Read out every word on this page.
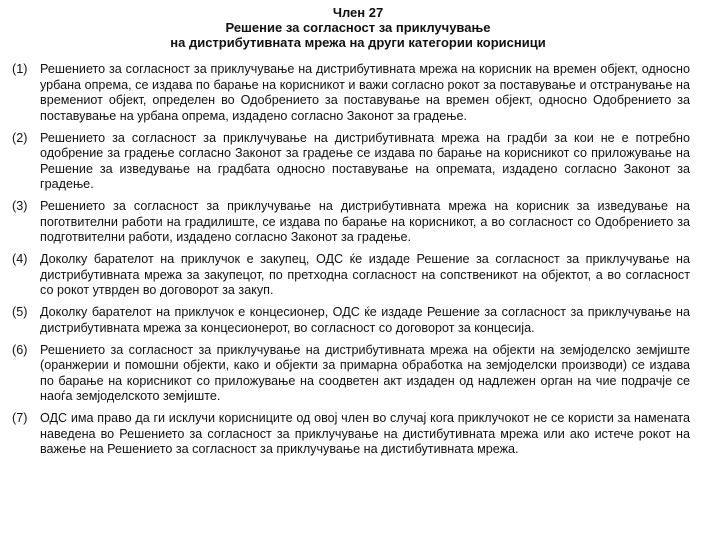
Член 27
Решение за согласност за приклучување
на дистрибутивната мрежа на други категории корисници
(1) Решението за согласност за приклучување на дистрибутивната мрежа на корисник на времен објект, односно урбана опрема, се издава по барање на корисникот и важи согласно рокот за поставување и отстранување на времениот објект, определен во Одобрението за поставување на времен објект, односно Одобрението за поставување на урбана опрема, издадено согласно Законот за градење.
(2) Решението за согласност за приклучување на дистрибутивната мрежа на градби за кои не е потребно одобрение за градење согласно Законот за градење се издава по барање на корисникот со приложување на Решение за изведување на градбата односно поставување на опремата, издадено согласно Законот за градење.
(3) Решението за согласност за приклучување на дистрибутивната мрежа на корисник за изведување на поготвителни работи на градилиште, се издава по барање на корисникот, а во согласност со Одобрението за подготвителни работи, издадено согласно Законот за градење.
(4) Доколку барателот на приклучок е закупец, ОДС ќе издаде Решение за согласност за приклучување на дистрибутивната мрежа за закупецот, по претходна согласност на сопственикот на објектот, а во согласност со рокот утврден во договорот за закуп.
(5) Доколку барателот на приклучок е концесионер, ОДС ќе издаде Решение за согласност за приклучување на дистрибутивната мрежа за концесионерот, во согласност со договорот за концесија.
(6) Решението за согласност за приклучување на дистрибутивната мрежа на објекти на земјоделско земјиште (оранжерии и помошни објекти, како и објекти за примарна обработка на земјоделски производи) се издава по барање на корисникот со приложување на соодветен акт издаден од надлежен орган на чие подрачје се наоѓа земјоделското земјиште.
(7) ОДС има право да ги исклучи корисниците од овој член во случај кога приклучокот не се користи за намената наведена во Решението за согласност за приклучување на дистибутивната мрежа или ако истече рокот на важење на Решението за согласност за приклучување на дистибутивната мрежа.
